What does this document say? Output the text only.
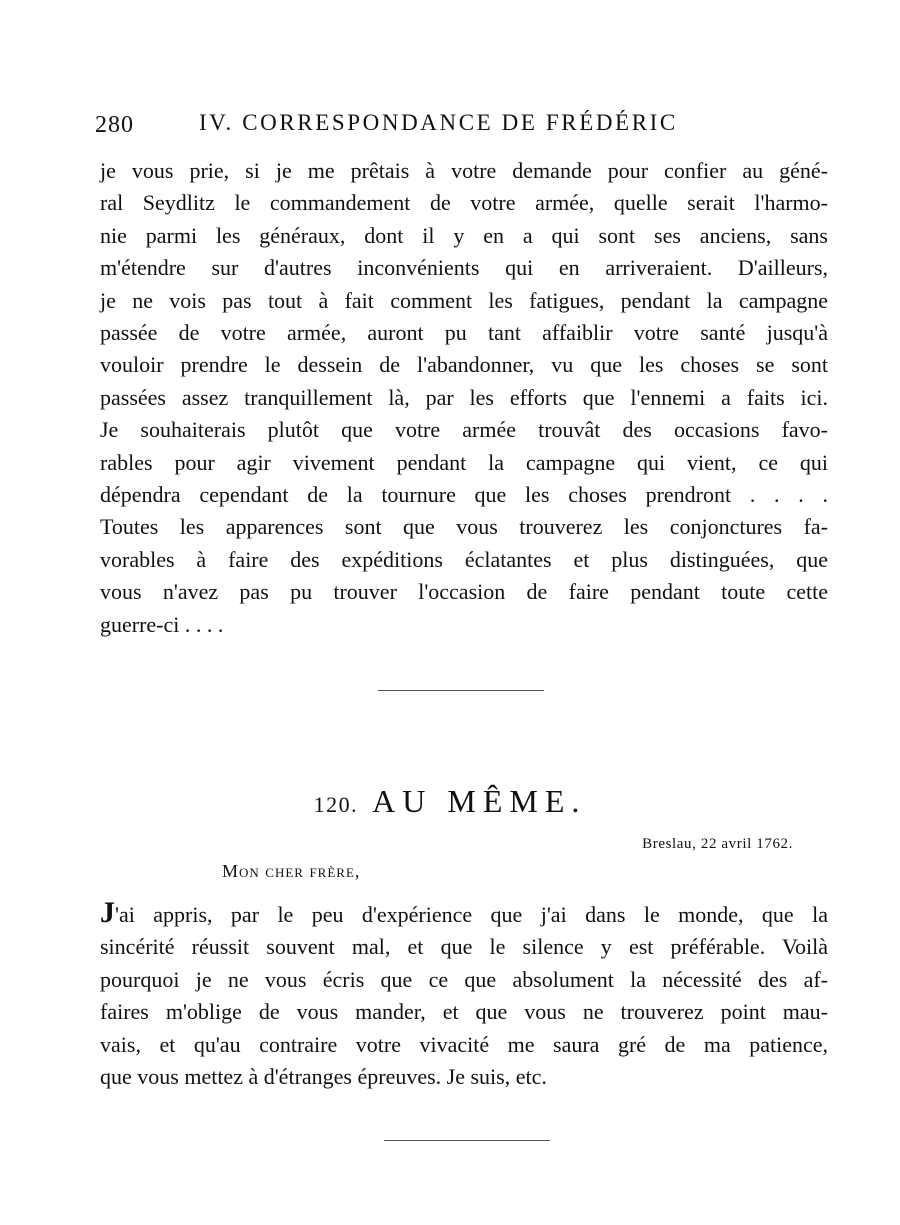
280	IV. CORRESPONDANCE DE FRÉDÉRIC
je vous prie, si je me prêtais à votre demande pour confier au géné-
ral Seydlitz le commandement de votre armée, quelle serait l'harmo-
nie parmi les généraux, dont il y en a qui sont ses anciens, sans
m'étendre sur d'autres inconvénients qui en arriveraient. D'ailleurs,
je ne vois pas tout à fait comment les fatigues, pendant la campagne
passée de votre armée, auront pu tant affaiblir votre santé jusqu'à
vouloir prendre le dessein de l'abandonner, vu que les choses se sont
passées assez tranquillement là, par les efforts que l'ennemi a faits ici.
Je souhaiterais plutôt que votre armée trouvât des occasions favo-
rables pour agir vivement pendant la campagne qui vient, ce qui
dépendra cependant de la tournure que les choses prendront . . . .
Toutes les apparences sont que vous trouverez les conjonctures fa-
vorables à faire des expéditions éclatantes et plus distinguées, que
vous n'avez pas pu trouver l'occasion de faire pendant toute cette
guerre-ci . . . .
120. AU MÊME.
Breslau, 22 avril 1762.
Mon cher frère,
J'ai appris, par le peu d'expérience que j'ai dans le monde, que la
sincérité réussit souvent mal, et que le silence y est préférable. Voilà
pourquoi je ne vous écris que ce que absolument la nécessité des af-
faires m'oblige de vous mander, et que vous ne trouverez point mau-
vais, et qu'au contraire votre vivacité me saura gré de ma patience,
que vous mettez à d'étranges épreuves. Je suis, etc.
